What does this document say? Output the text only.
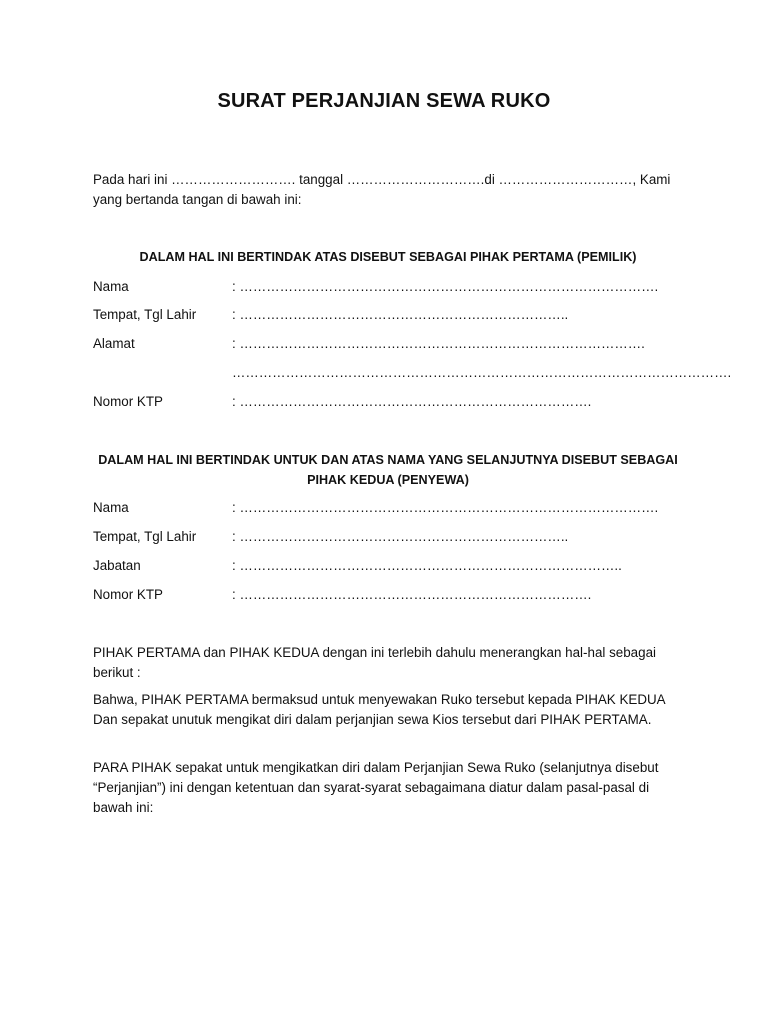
SURAT PERJANJIAN SEWA RUKO
Pada hari ini ………………………. tanggal ………………………….di …………………………, Kami yang bertanda tangan di bawah ini:
DALAM HAL INI BERTINDAK ATAS DISEBUT SEBAGAI PIHAK PERTAMA (PEMILIK)
Nama	: ………………………………………………………………………………….
Tempat, Tgl Lahir	: ………………………………………………………………..
Alamat	: ……………………………………………………………………………….
………………………………………………………………………………………………….
Nomor KTP	: …………………………………………………………………….
DALAM HAL INI BERTINDAK UNTUK DAN ATAS NAMA YANG SELANJUTNYA DISEBUT SEBAGAI PIHAK KEDUA (PENYEWA)
Nama	: ………………………………………………………………………………….
Tempat, Tgl Lahir	: ………………………………………………………………..
Jabatan	: …………………………………………………………………………..
Nomor KTP	: …………………………………………………………………….
PIHAK PERTAMA dan PIHAK KEDUA dengan ini terlebih dahulu menerangkan hal-hal sebagai berikut :
Bahwa, PIHAK PERTAMA bermaksud untuk menyewakan Ruko tersebut kepada PIHAK KEDUA Dan sepakat unutuk mengikat diri dalam perjanjian sewa Kios tersebut dari PIHAK PERTAMA.
PARA PIHAK sepakat untuk mengikatkan diri dalam Perjanjian Sewa Ruko (selanjutnya disebut “Perjanjian”) ini dengan ketentuan dan syarat-syarat sebagaimana diatur dalam pasal-pasal di bawah ini:
